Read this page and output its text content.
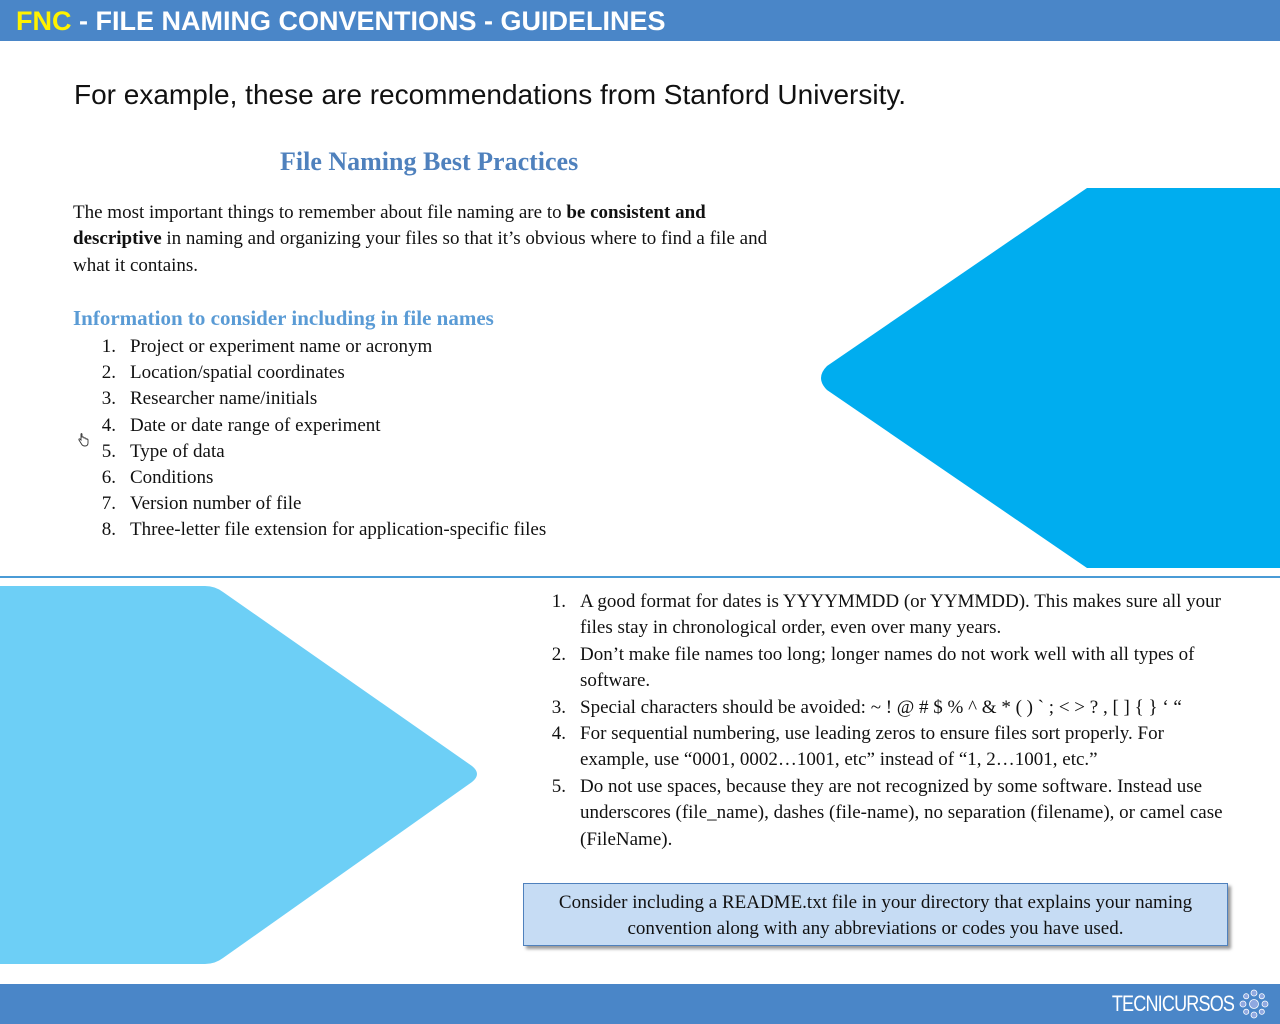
FNC - FILE NAMING CONVENTIONS - GUIDELINES

For example, these are recommendations from Stanford University.

File Naming Best Practices

The most important things to remember about file naming are to be consistent and descriptive in naming and organizing your files so that it’s obvious where to find a file and what it contains.

Information to consider including in file names
1. Project or experiment name or acronym
2. Location/spatial coordinates
3. Researcher name/initials
4. Date or date range of experiment
5. Type of data
6. Conditions
7. Version number of file
8. Three-letter file extension for application-specific files
1. A good format for dates is YYYYMMDD (or YYMMDD). This makes sure all your files stay in chronological order, even over many years.
2. Don’t make file names too long; longer names do not work well with all types of software.
3. Special characters should be avoided: ~ ! @ # $ % ^ & * ( ) ` ; < > ? , [ ] { } ‘ “
4. For sequential numbering, use leading zeros to ensure files sort properly. For example, use “0001, 0002…1001, etc” instead of “1, 2…1001, etc.”
5. Do not use spaces, because they are not recognized by some software. Instead use underscores (file_name), dashes (file-name), no separation (filename), or camel case (FileName).
Consider including a README.txt file in your directory that explains your naming convention along with any abbreviations or codes you have used.
TECNICURSOS
